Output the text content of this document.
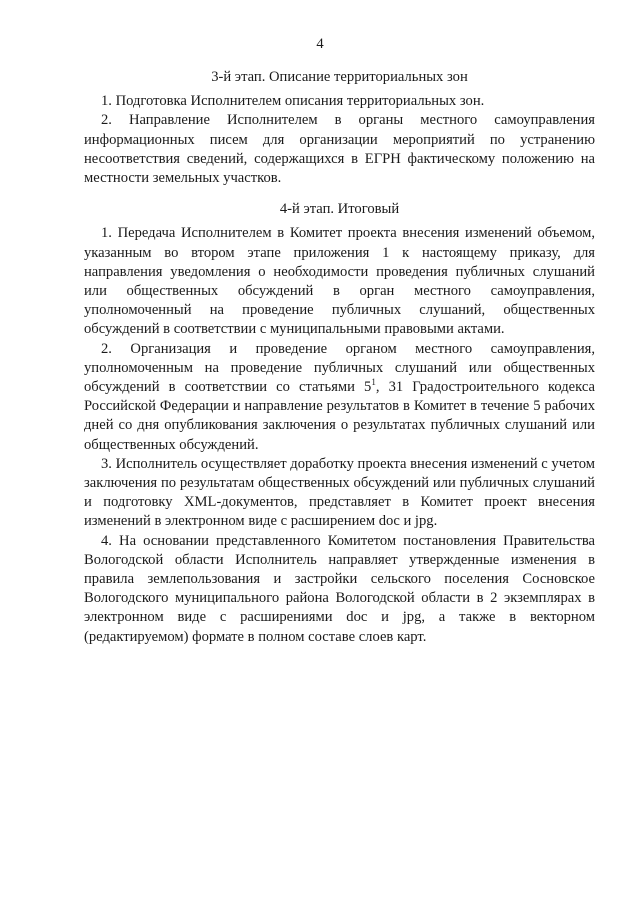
4
3-й этап. Описание территориальных зон

1. Подготовка Исполнителем описания территориальных зон.

2. Направление Исполнителем в органы местного самоуправления информационных писем для организации мероприятий по устранению несоответствия сведений, содержащихся в ЕГРН фактическому положению на местности земельных участков.

4-й этап. Итоговый

1. Передача Исполнителем в Комитет проекта внесения изменений объемом, указанным во втором этапе приложения 1 к настоящему приказу, для направления уведомления о необходимости проведения публичных слушаний или общественных обсуждений в орган местного самоуправления, уполномоченный на проведение публичных слушаний, общественных обсуждений в соответствии с муниципальными правовыми актами.

2. Организация и проведение органом местного самоуправления, уполномоченным на проведение публичных слушаний или общественных обсуждений в соответствии со статьями $5^1$, 31 Градостроительного кодекса Российской Федерации и направление результатов в Комитет в течение 5 рабочих дней со дня опубликования заключения о результатах публичных слушаний или общественных обсуждений.

3. Исполнитель осуществляет доработку проекта внесения изменений с учетом заключения по результатам общественных обсуждений или публичных слушаний и подготовку XML-документов, представляет в Комитет проект внесения изменений в электронном виде с расширением doc и jpg.

4. На основании представленного Комитетом постановления Правительства Вологодской области Исполнитель направляет утвержденные изменения в правила землепользования и застройки сельского поселения Сосновское Вологодского муниципального района Вологодской области в 2 экземплярах в электронном виде с расширениями doc и jpg, а также в векторном (редактируемом) формате в полном составе слоев карт.
